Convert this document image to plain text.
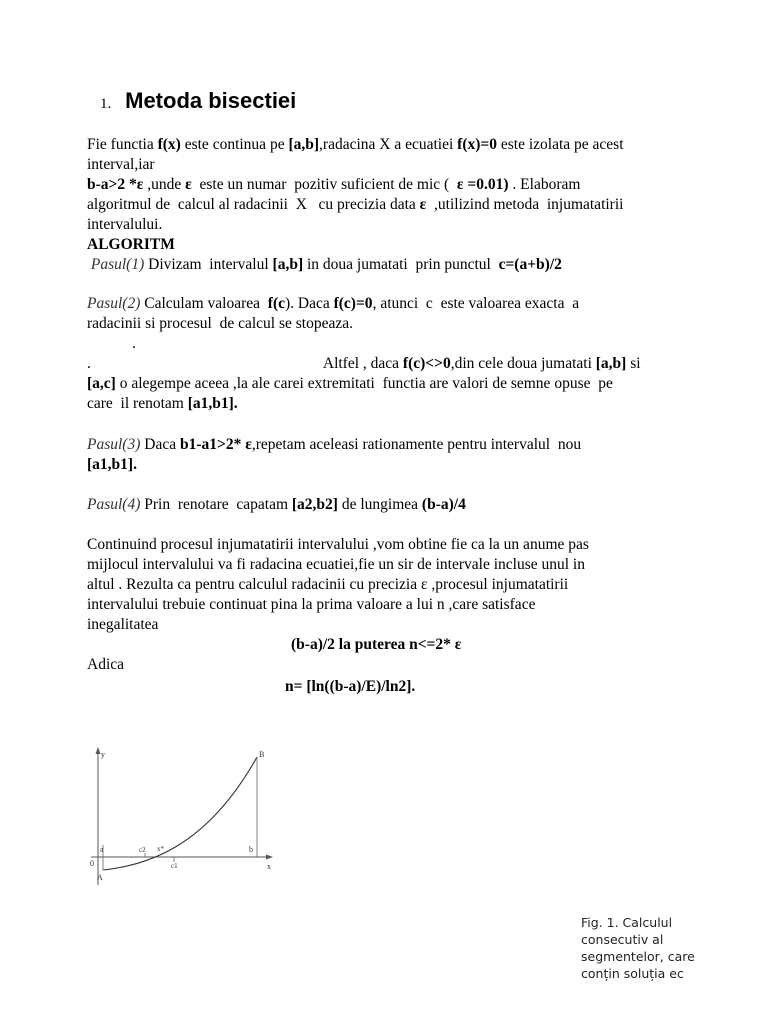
1. Metoda bisectiei
Fie functia f(x) este continua pe [a,b],radacina X a ecuatiei f(x)=0 este izolata pe acest
interval,iar
b-a>2 *ε ,unde ε  este un numar  pozitiv suficient de mic (  ε =0.01) . Elaboram
algoritmul de  calcul al radacinii  X   cu precizia data ε  ,utilizind metoda  injumatatirii
intervalului.
ALGORITM
Pasul(1) Divizam  intervalul [a,b] in doua jumatati  prin punctul  c=(a+b)/2
Pasul(2) Calculam valoarea  f(c). Daca f(c)=0, atunci  c  este valoarea exacta  a
radacinii si procesul  de calcul se stopeaza.
.
.	Altfel , daca f(c)<>0,din cele doua jumatati [a,b] si
[a,c] o alegempe aceea ,la ale carei extremitati  functia are valori de semne opuse  pe
care  il renotam [a1,b1].
Pasul(3) Daca b1-a1>2* ε,repetam aceleasi rationamente pentru intervalul  nou
[a1,b1].
Pasul(4) Prin  renotare  capatam [a2,b2] de lungimea (b-a)/4
Continuind procesul injumatatirii intervalului ,vom obtine fie ca la un anume pas
mijlocul intervalului va fi radacina ecuatiei,fie un sir de intervale incluse unul in
altul . Rezulta ca pentru calculul radacinii cu precizia ε ,procesul injumatatirii
intervalului trebuie continuat pina la prima valoare a lui n ,care satisface
inegalitatea
(b-a)/2 la puterea n<=2* ε
Adica
n= [ln((b-a)/E)/ln2].
y
x
B
A
a	b
0
c2 x*
c1
Fig. 1. Calculul
consecutiv al
segmentelor, care
conțin soluția ec
